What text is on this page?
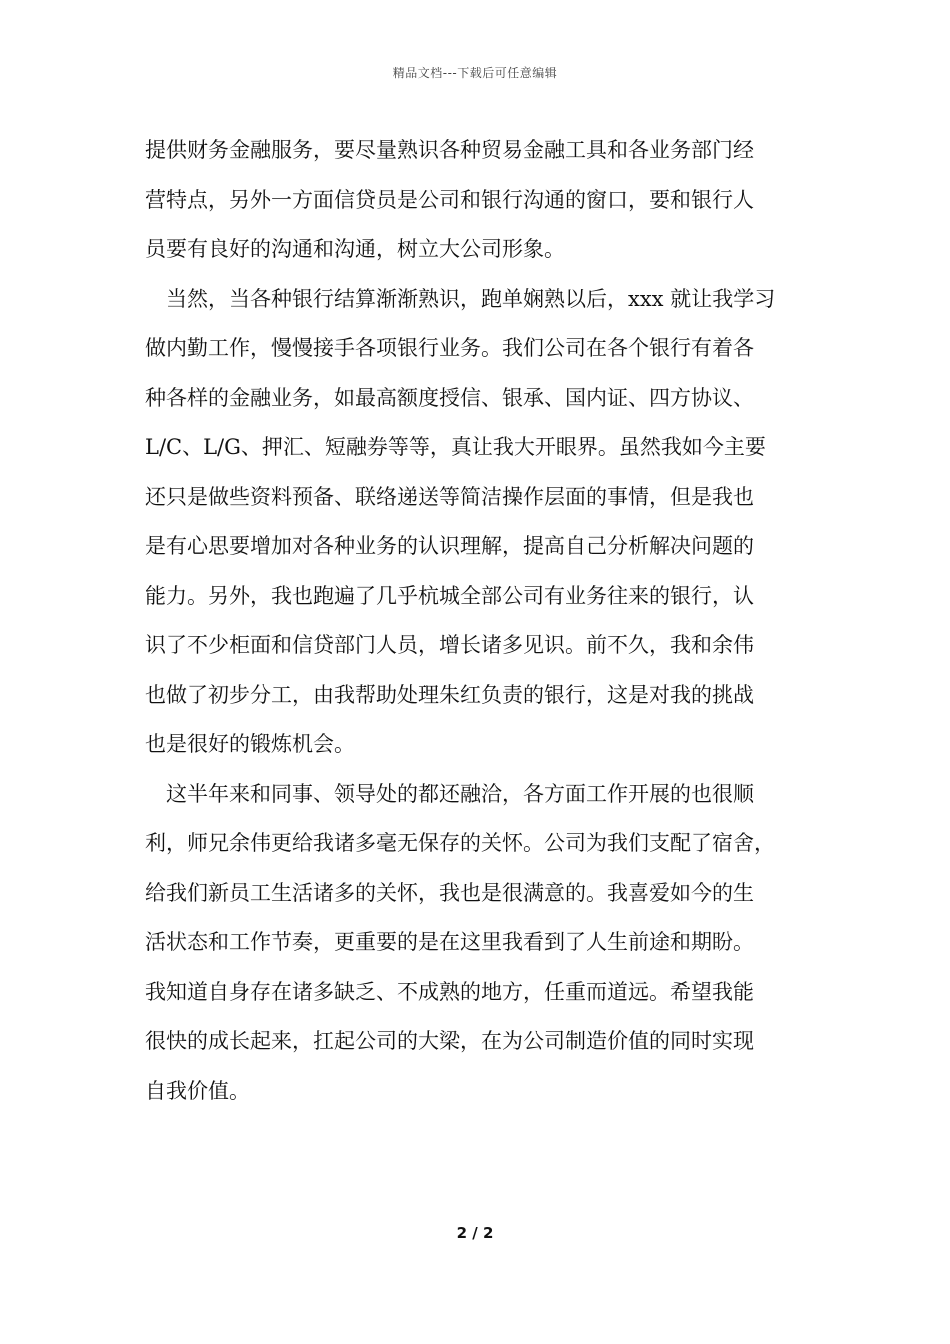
精品文档---下载后可任意编辑
提供财务金融服务，要尽量熟识各种贸易金融工具和各业务部门经
营特点，另外一方面信贷员是公司和银行沟通的窗口，要和银行人
员要有良好的沟通和沟通，树立大公司形象。
当然，当各种银行结算渐渐熟识，跑单娴熟以后，xxx 就让我学习
做内勤工作，慢慢接手各项银行业务。我们公司在各个银行有着各
种各样的金融业务，如最高额度授信、银承、国内证、四方协议、
L/C、L/G、押汇、短融券等等，真让我大开眼界。虽然我如今主要
还只是做些资料预备、联络递送等简洁操作层面的事情，但是我也
是有心思要增加对各种业务的认识理解，提高自己分析解决问题的
能力。另外，我也跑遍了几乎杭城全部公司有业务往来的银行，认
识了不少柜面和信贷部门人员，增长诸多见识。前不久，我和余伟
也做了初步分工，由我帮助处理朱红负责的银行，这是对我的挑战
也是很好的锻炼机会。
这半年来和同事、领导处的都还融洽，各方面工作开展的也很顺
利，师兄余伟更给我诸多毫无保存的关怀。公司为我们支配了宿舍，
给我们新员工生活诸多的关怀，我也是很满意的。我喜爱如今的生
活状态和工作节奏，更重要的是在这里我看到了人生前途和期盼。
我知道自身存在诸多缺乏、不成熟的地方，任重而道远。希望我能
很快的成长起来，扛起公司的大梁，在为公司制造价值的同时实现
自我价值。
2 / 2
